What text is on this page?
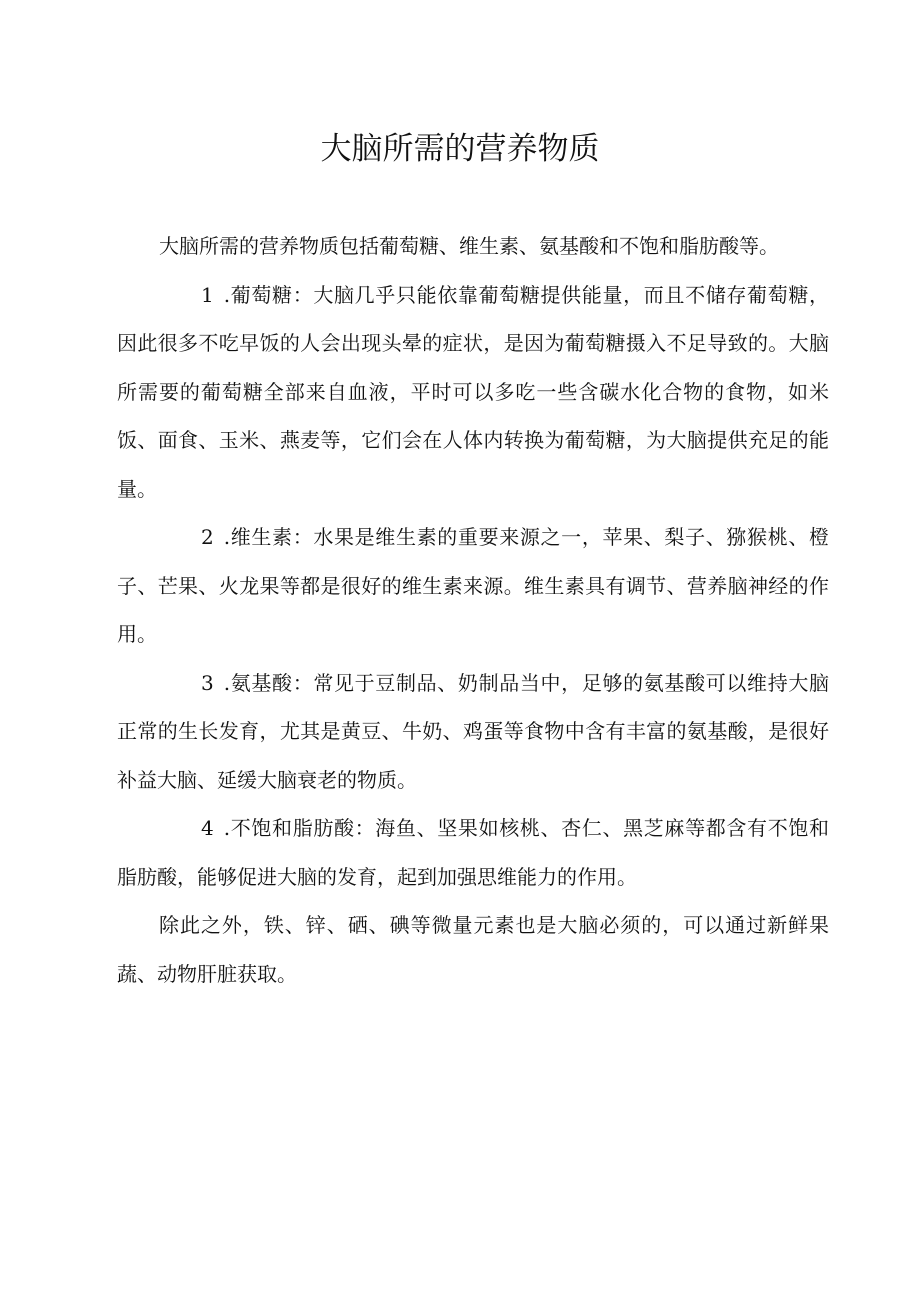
大脑所需的营养物质

大脑所需的营养物质包括葡萄糖、维生素、氨基酸和不饱和脂肪酸等。

1 .葡萄糖：大脑几乎只能依靠葡萄糖提供能量，而且不储存葡萄糖，因此很多不吃早饭的人会出现头晕的症状，是因为葡萄糖摄入不足导致的。大脑所需要的葡萄糖全部来自血液，平时可以多吃一些含碳水化合物的食物，如米饭、面食、玉米、燕麦等，它们会在人体内转换为葡萄糖，为大脑提供充足的能量。

2 .维生素：水果是维生素的重要来源之一，苹果、梨子、猕猴桃、橙子、芒果、火龙果等都是很好的维生素来源。维生素具有调节、营养脑神经的作用。

3 .氨基酸：常见于豆制品、奶制品当中，足够的氨基酸可以维持大脑正常的生长发育，尤其是黄豆、牛奶、鸡蛋等食物中含有丰富的氨基酸，是很好补益大脑、延缓大脑衰老的物质。

4 .不饱和脂肪酸：海鱼、坚果如核桃、杏仁、黑芝麻等都含有不饱和脂肪酸，能够促进大脑的发育，起到加强思维能力的作用。

除此之外，铁、锌、硒、碘等微量元素也是大脑必须的，可以通过新鲜果蔬、动物肝脏获取。
